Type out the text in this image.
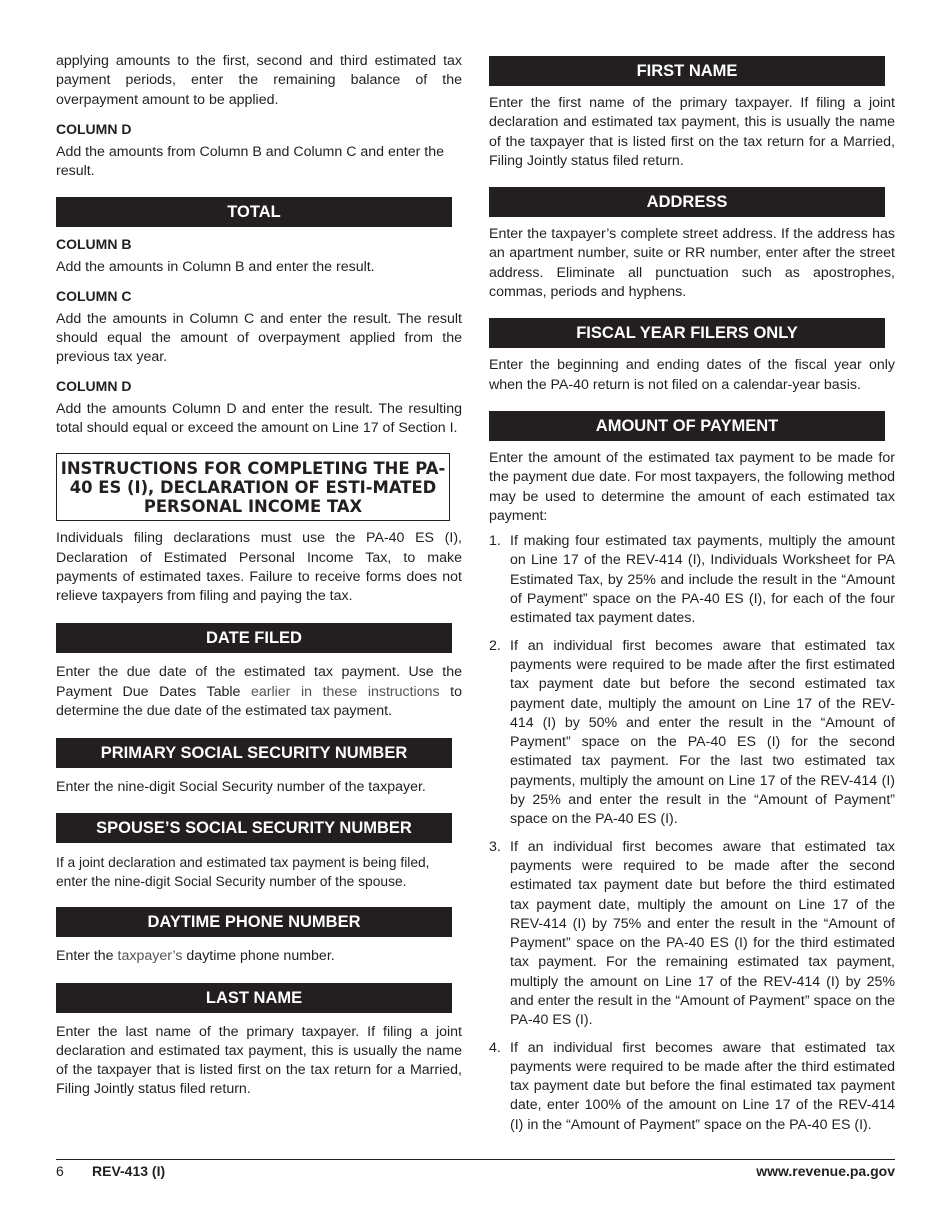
applying amounts to the first, second and third estimated tax payment periods, enter the remaining balance of the overpayment amount to be applied.

COLUMN D

Add the amounts from Column B and Column C and enter the result.

TOTAL
COLUMN B

Add the amounts in Column B and enter the result.

COLUMN C

Add the amounts in Column C and enter the result. The result should equal the amount of overpayment applied from the previous tax year.

COLUMN D

Add the amounts Column D and enter the result. The resulting total should equal or exceed the amount on Line 17 of Section I.

INSTRUCTIONS FOR COMPLETING THE PA-40 ES (I), DECLARATION OF ESTI-MATED PERSONAL INCOME TAX

Individuals filing declarations must use the PA-40 ES (I), Declaration of Estimated Personal Income Tax, to make payments of estimated taxes. Failure to receive forms does not relieve taxpayers from filing and paying the tax.

DATE FILED

Enter the due date of the estimated tax payment. Use the Payment Due Dates Table earlier in these instructions to determine the due date of the estimated tax payment.

PRIMARY SOCIAL SECURITY NUMBER

Enter the nine-digit Social Security number of the taxpayer.

SPOUSE’S SOCIAL SECURITY NUMBER

If a joint declaration and estimated tax payment is being filed, enter the nine-digit Social Security number of the spouse.

DAYTIME PHONE NUMBER

Enter the taxpayer’s daytime phone number.

LAST NAME

Enter the last name of the primary taxpayer. If filing a joint declaration and estimated tax payment, this is usually the name of the taxpayer that is listed first on the tax return for a Married, Filing Jointly status filed return.

FIRST NAME

Enter the first name of the primary taxpayer. If filing a joint declaration and estimated tax payment, this is usually the name of the taxpayer that is listed first on the tax return for a Married, Filing Jointly status filed return.

ADDRESS

Enter the taxpayer’s complete street address. If the address has an apartment number, suite or RR number, enter after the street address. Eliminate all punctuation such as apostrophes, commas, periods and hyphens.

FISCAL YEAR FILERS ONLY

Enter the beginning and ending dates of the fiscal year only when the PA-40 return is not filed on a calendar-year basis.

AMOUNT OF PAYMENT

Enter the amount of the estimated tax payment to be made for the payment due date. For most taxpayers, the following method may be used to determine the amount of each estimated tax payment:

1. If making four estimated tax payments, multiply the amount on Line 17 of the REV-414 (I), Individuals Worksheet for PA Estimated Tax, by 25% and include the result in the “Amount of Payment” space on the PA-40 ES (I), for each of the four estimated tax payment dates.
2. If an individual first becomes aware that estimated tax payments were required to be made after the first estimated tax payment date but before the second estimated tax payment date, multiply the amount on Line 17 of the REV-414 (I) by 50% and enter the result in the “Amount of Payment” space on the PA-40 ES (I) for the second estimated tax payment. For the last two estimated tax payments, multiply the amount on Line 17 of the REV-414 (I) by 25% and enter the result in the “Amount of Payment” space on the PA-40 ES (I).
3. If an individual first becomes aware that estimated tax payments were required to be made after the second estimated tax payment date but before the third estimated tax payment date, multiply the amount on Line 17 of the REV-414 (I) by 75% and enter the result in the “Amount of Payment” space on the PA-40 ES (I) for the third estimated tax payment. For the remaining estimated tax payment, multiply the amount on Line 17 of the REV-414 (I) by 25% and enter the result in the “Amount of Payment” space on the PA-40 ES (I).
4. If an individual first becomes aware that estimated tax payments were required to be made after the third estimated tax payment date but before the final estimated tax payment date, enter 100% of the amount on Line 17 of the REV-414 (I) in the “Amount of Payment” space on the PA-40 ES (I).
6 REV-413 (I)	www.revenue.pa.gov
